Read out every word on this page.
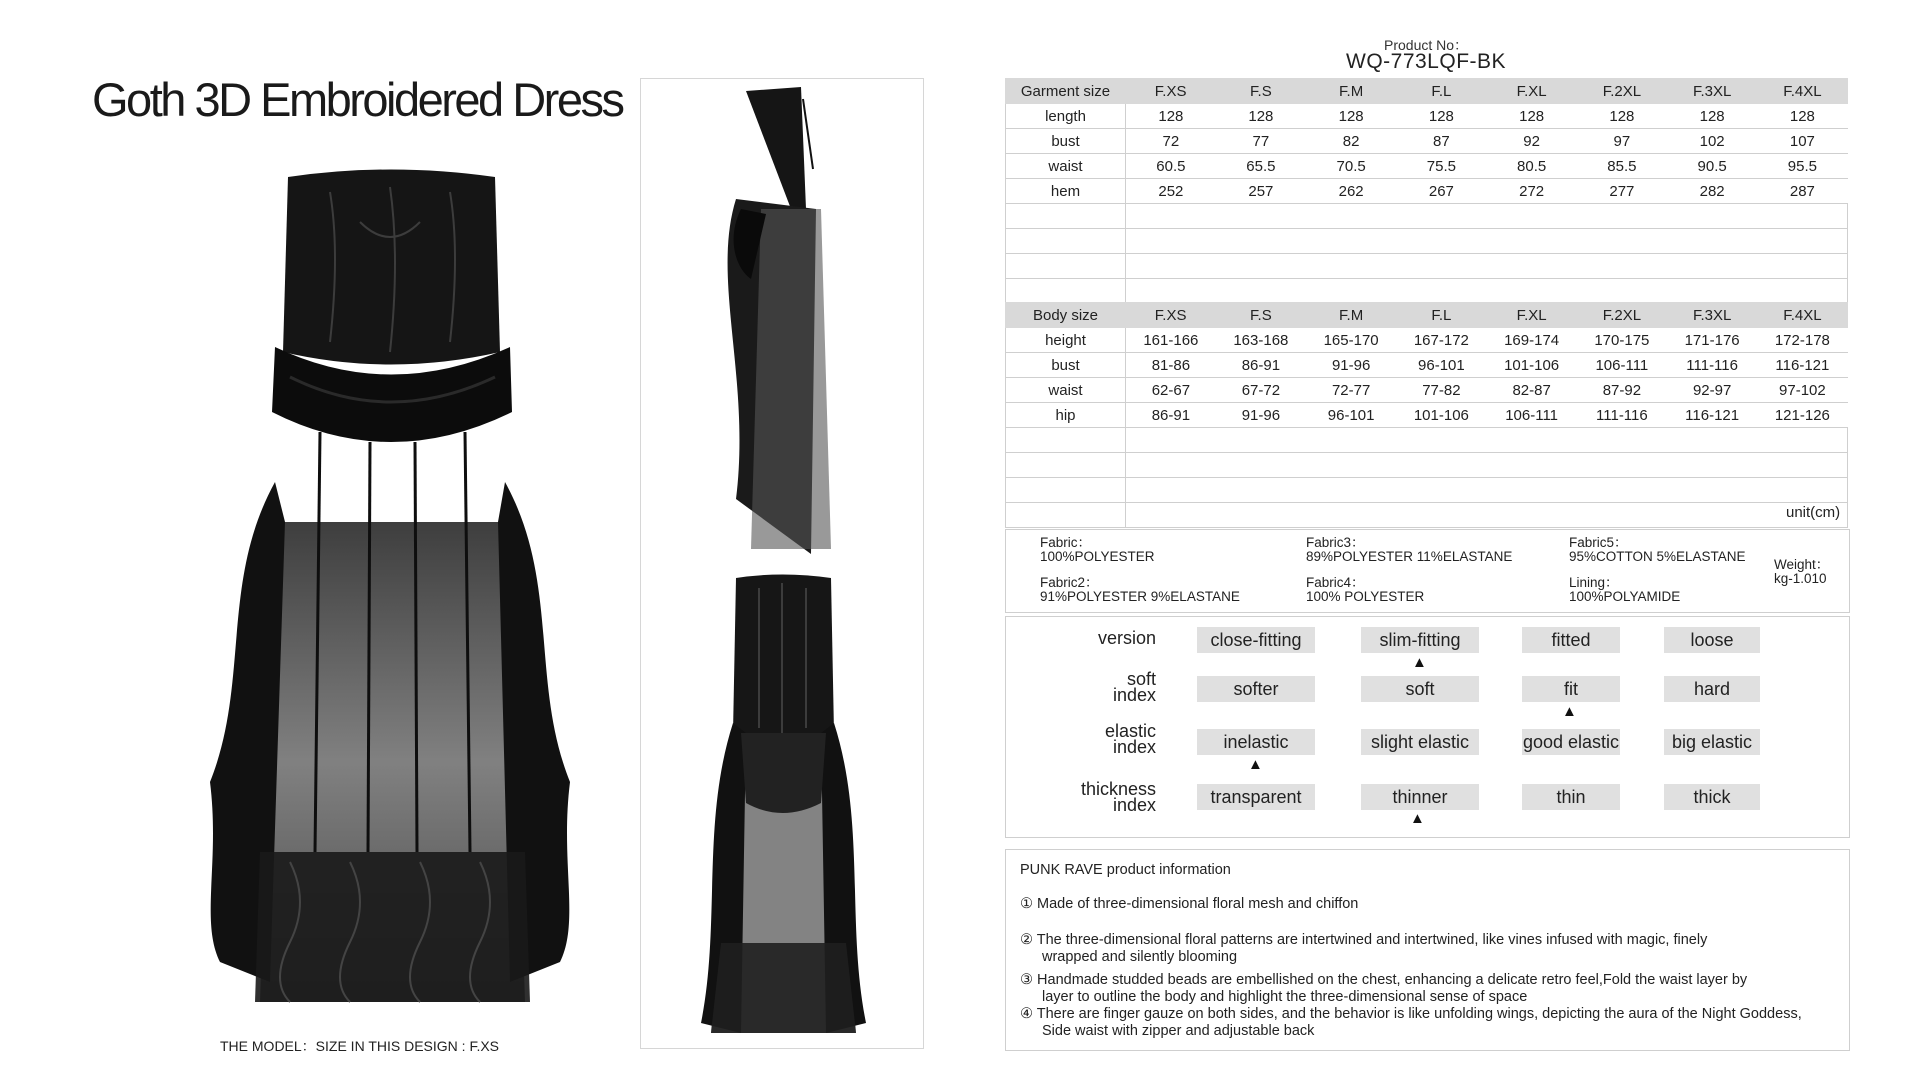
Goth 3D Embroidered Dress
THE MODEL：SIZE IN THIS DESIGN : F.XS
Product No：
WQ-773LQF-BK
Garment size	F.XS	F.S	F.M	F.L	F.XL	F.2XL	F.3XL	F.4XL
length	128	128	128	128	128	128	128	128
bust	72	77	82	87	92	97	102	107
waist	60.5	65.5	70.5	75.5	80.5	85.5	90.5	95.5
hem	252	257	262	267	272	277	282	287

Body size	F.XS	F.S	F.M	F.L	F.XL	F.2XL	F.3XL	F.4XL
height	161-166	163-168	165-170	167-172	169-174	170-175	171-176	172-178
bust	81-86	86-91	91-96	96-101	101-106	106-111	111-116	116-121
waist	62-67	67-72	72-77	77-82	82-87	87-92	92-97	97-102
hip	86-91	91-96	96-101	101-106	106-111	111-116	116-121	121-126

unit(cm)
Fabric：
100%POLYESTER
Fabric2：
91%POLYESTER 9%ELASTANE
Fabric3：
89%POLYESTER 11%ELASTANE
Fabric4：
100% POLYESTER
Fabric5：
95%COTTON 5%ELASTANE
Lining：
100%POLYAMIDE
Weight：
kg-1.010
version	close-fitting	slim-fitting	fitted	loose
▲
soft
index	softer	soft	fit	hard
▲
elastic
index	inelastic	slight elastic	good elastic	big elastic
▲
thickness
index	transparent	thinner	thin	thick
▲
PUNK RAVE product information
① Made of three-dimensional floral mesh and chiffon
② The three-dimensional floral patterns are intertwined and intertwined, like vines infused with magic, finely
wrapped and silently blooming
③ Handmade studded beads are embellished on the chest, enhancing a delicate retro feel,Fold the waist layer by
layer to outline the body and highlight the three-dimensional sense of space
④ There are finger gauze on both sides, and the behavior is like unfolding wings, depicting the aura of the Night Goddess,
Side waist with zipper and adjustable back
